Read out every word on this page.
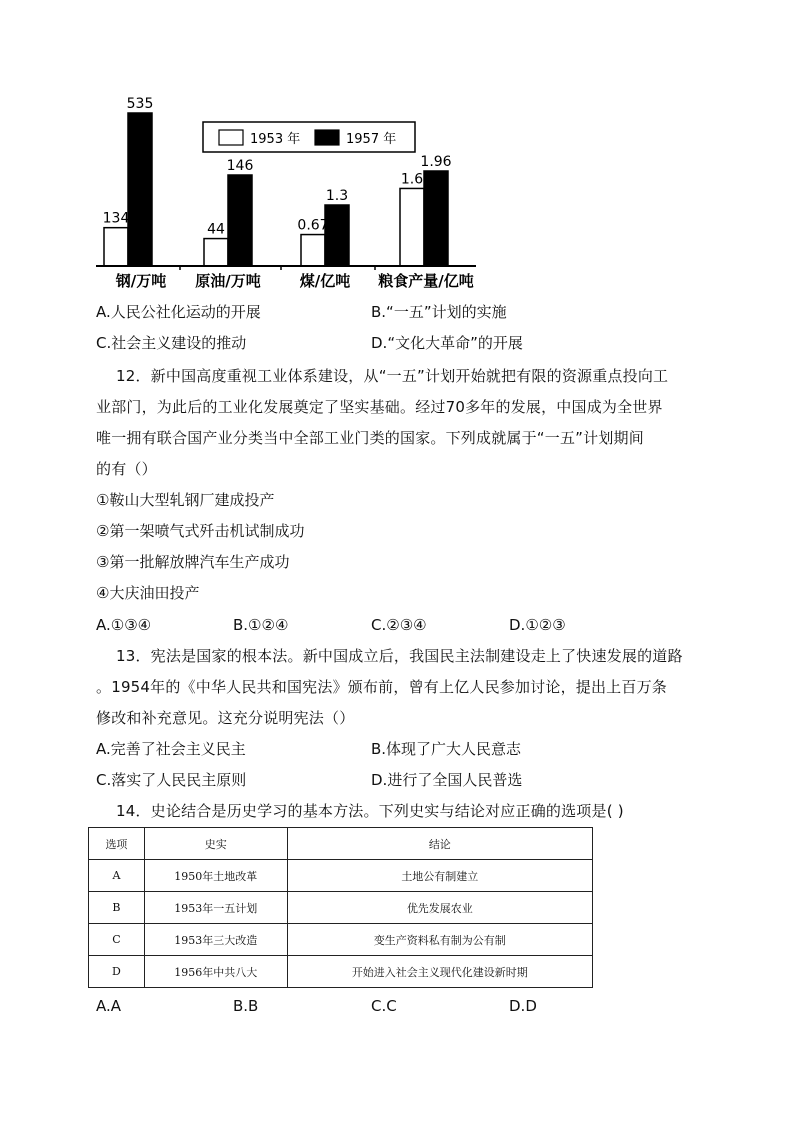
134
535
44
146
0.67
1.3
1.6
1.96
钢/万吨 原油/万吨	煤/亿吨 粮食产量/亿吨
1953 年	1957 年
A.人民公社化运动的开展	B.“一五”计划的实施
C.社会主义建设的推动	D.“文化大革命”的开展
12．新中国高度重视工业体系建设，从“一五”计划开始就把有限的资源重点投向工
业部门，为此后的工业化发展奠定了坚实基础。经过70多年的发展，中国成为全世界
唯一拥有联合国产业分类当中全部工业门类的国家。下列成就属于“一五”计划期间
的有（）
①鞍山大型轧钢厂建成投产
②第一架喷气式歼击机试制成功
③第一批解放牌汽车生产成功
④大庆油田投产
A.①③④	B.①②④	C.②③④	D.①②③
13．宪法是国家的根本法。新中国成立后，我国民主法制建设走上了快速发展的道路
。1954年的《中华人民共和国宪法》颁布前，曾有上亿人民参加讨论，提出上百万条
修改和补充意见。这充分说明宪法（）
A.完善了社会主义民主	B.体现了广大人民意志
C.落实了人民民主原则	D.进行了全国人民普选
14．史论结合是历史学习的基本方法。下列史实与结论对应正确的选项是( )
选项	史实	结论
A	1950年土地改革	土地公有制建立
B	1953年一五计划	优先发展农业
C	1953年三大改造	变生产资料私有制为公有制
D	1956年中共八大	开始进入社会主义现代化建设新时期
A.A	B.B	C.C	D.D
